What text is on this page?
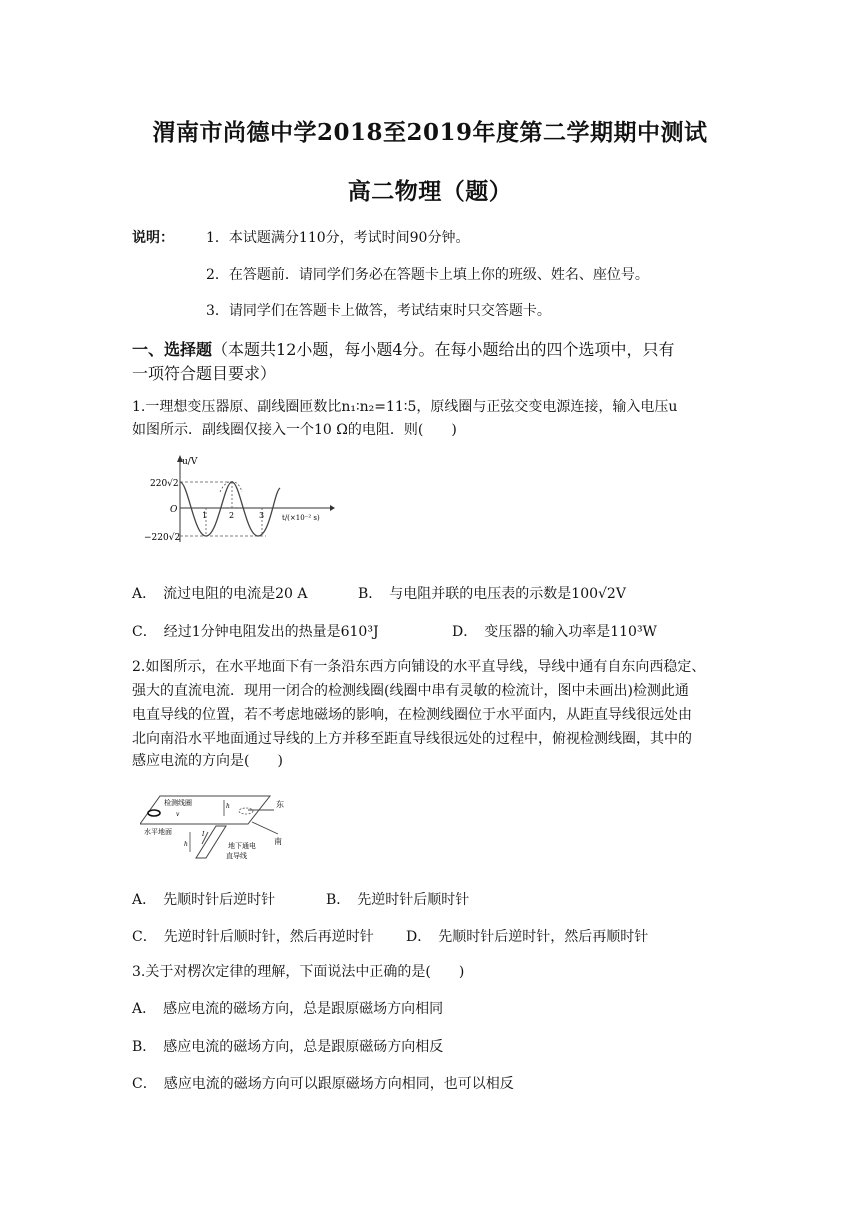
渭南市尚德中学2018至2019年度第二学期期中测试
高二物理（题）
说明： 1．本试题满分110分，考试时间90分钟。
2．在答题前．请同学们务必在答题卡上填上你的班级、姓名、座位号。
3．请同学们在答题卡上做答，考试结束时只交答题卡。
一、选择题（本题共12小题，每小题4分。在每小题给出的四个选项中，只有
一项符合题目要求）
1.一理想变压器原、副线圈匝数比n₁∶n₂=11∶5，原线圈与正弦交变电源连接，输入电压u
如图所示．副线圈仅接入一个10 Ω的电阻．则(　　)
u/V
220√2
−220√2
O
1	2	3	t/(×10⁻² s)
A．　流过电阻的电流是20 A	B．　与电阻并联的电压表的示数是100√2V
C．　经过1分钟电阻发出的热量是610³J	D．　变压器的输入功率是110³W
2.如图所示，在水平地面下有一条沿东西方向铺设的水平直导线，导线中通有自东向西稳定、
强大的直流电流．现用一闭合的检测线圈(线圈中串有灵敏的检流计，图中未画出)检测此通
电直导线的位置，若不考虑地磁场的影响，在检测线圈位于水平面内，从距直导线很远处由
北向南沿水平地面通过导线的上方并移至距直导线很远处的过程中，俯视检测线圈，其中的
感应电流的方向是(　　)
检测线圈
v
h	东
南
水平地面
h
I
地下通电
直导线
A．　先顺时针后逆时针	B．　先逆时针后顺时针
C．　先逆时针后顺时针，然后再逆时针 D．　先顺时针后逆时针，然后再顺时针
3.关于对楞次定律的理解，下面说法中正确的是(　　)
A．　感应电流的磁场方向，总是跟原磁场方向相同
B．　感应电流的磁场方向，总是跟原磁砀方向相反
C．　感应电流的磁场方向可以跟原磁场方向相同，也可以相反
